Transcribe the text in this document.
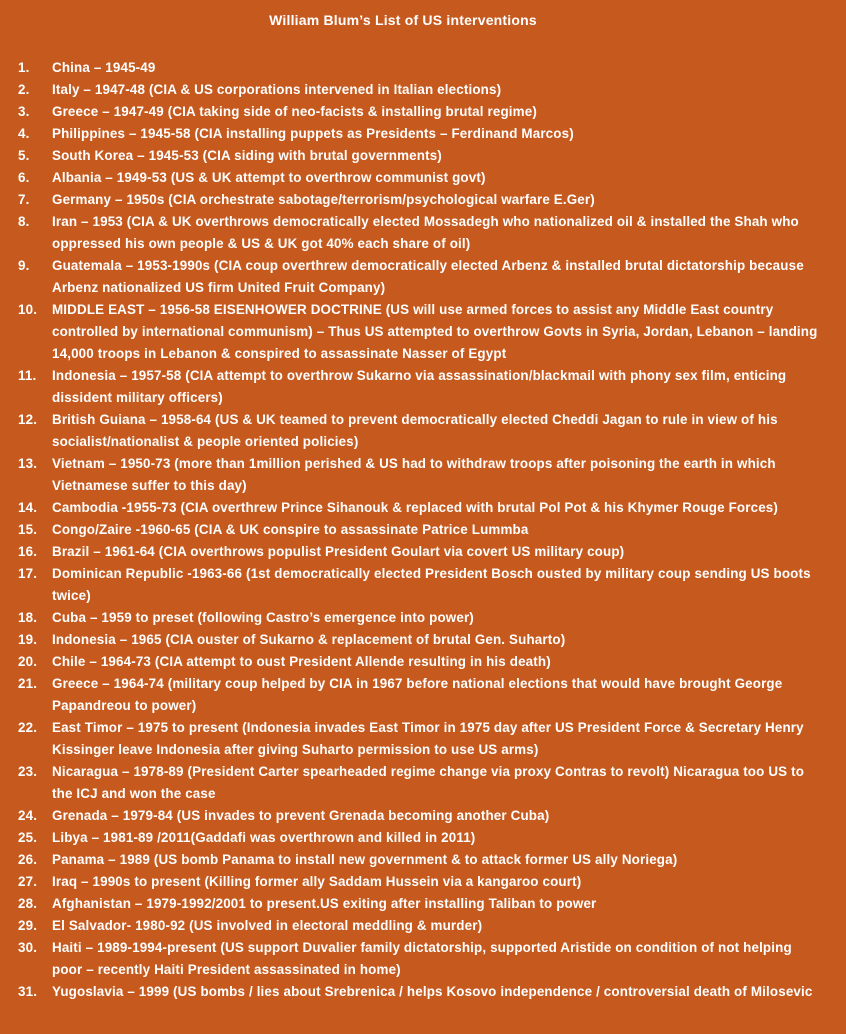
William Blum’s List of US interventions
1.	China – 1945-49
2.	Italy – 1947-48 (CIA & US corporations intervened in Italian elections)
3.	Greece – 1947-49 (CIA taking side of neo-facists & installing brutal regime)
4.	Philippines – 1945-58 (CIA installing puppets as Presidents – Ferdinand Marcos)
5.	South Korea – 1945-53 (CIA siding with brutal governments)
6.	Albania – 1949-53 (US & UK attempt to overthrow communist govt)
7.	Germany – 1950s (CIA orchestrate sabotage/terrorism/psychological warfare E.Ger)
8.	Iran – 1953 (CIA & UK overthrows democratically elected Mossadegh who nationalized oil & installed the Shah who oppressed his own people & US & UK got 40% each share of oil)
9.	Guatemala – 1953-1990s (CIA coup overthrew democratically elected Arbenz & installed brutal dictatorship because Arbenz nationalized US firm United Fruit Company)
10.	MIDDLE EAST – 1956-58 EISENHOWER DOCTRINE (US will use armed forces to assist any Middle East country controlled by international communism) – Thus US attempted to overthrow Govts in Syria, Jordan, Lebanon – landing 14,000 troops in Lebanon & conspired to assassinate Nasser of Egypt
11.	Indonesia – 1957-58 (CIA attempt to overthrow Sukarno via assassination/blackmail with phony sex film, enticing dissident military officers)
12.	British Guiana – 1958-64 (US & UK teamed to prevent democratically elected Cheddi Jagan to rule in view of his socialist/nationalist & people oriented policies)
13.	Vietnam – 1950-73 (more than 1million perished & US had to withdraw troops after poisoning the earth in which Vietnamese suffer to this day)
14.	Cambodia -1955-73 (CIA overthrew Prince Sihanouk & replaced with brutal Pol Pot & his Khymer Rouge Forces)
15.	Congo/Zaire -1960-65 (CIA & UK conspire to assassinate Patrice Lummba
16.	Brazil – 1961-64 (CIA overthrows populist President Goulart via covert US military coup)
17.	Dominican Republic -1963-66 (1st democratically elected President Bosch ousted by military coup sending US boots twice)
18.	Cuba – 1959 to preset (following Castro’s emergence into power)
19.	Indonesia – 1965 (CIA ouster of Sukarno & replacement of brutal Gen. Suharto)
20.	Chile – 1964-73 (CIA attempt to oust President Allende resulting in his death)
21.	Greece – 1964-74 (military coup helped by CIA in 1967 before national elections that would have brought George Papandreou to power)
22.	East Timor – 1975 to present (Indonesia invades East Timor in 1975 day after US President Force & Secretary Henry Kissinger leave Indonesia after giving Suharto permission to use US arms)
23.	Nicaragua – 1978-89 (President Carter spearheaded regime change via proxy Contras to revolt) Nicaragua too US to the ICJ and won the case
24.	Grenada – 1979-84 (US invades to prevent Grenada becoming another Cuba)
25.	Libya – 1981-89 /2011(Gaddafi was overthrown and killed in 2011)
26.	Panama – 1989 (US bomb Panama to install new government & to attack former US ally Noriega)
27.	Iraq – 1990s to present (Killing former ally Saddam Hussein via a kangaroo court)
28.	Afghanistan – 1979-1992/2001 to present.US exiting after installing Taliban to power
29.	El Salvador- 1980-92 (US involved in electoral meddling & murder)
30.	Haiti – 1989-1994-present (US support Duvalier family dictatorship, supported Aristide on condition of not helping poor – recently Haiti President assassinated in home)
31.	Yugoslavia – 1999 (US bombs / lies about Srebrenica / helps Kosovo independence / controversial death of Milosevic
